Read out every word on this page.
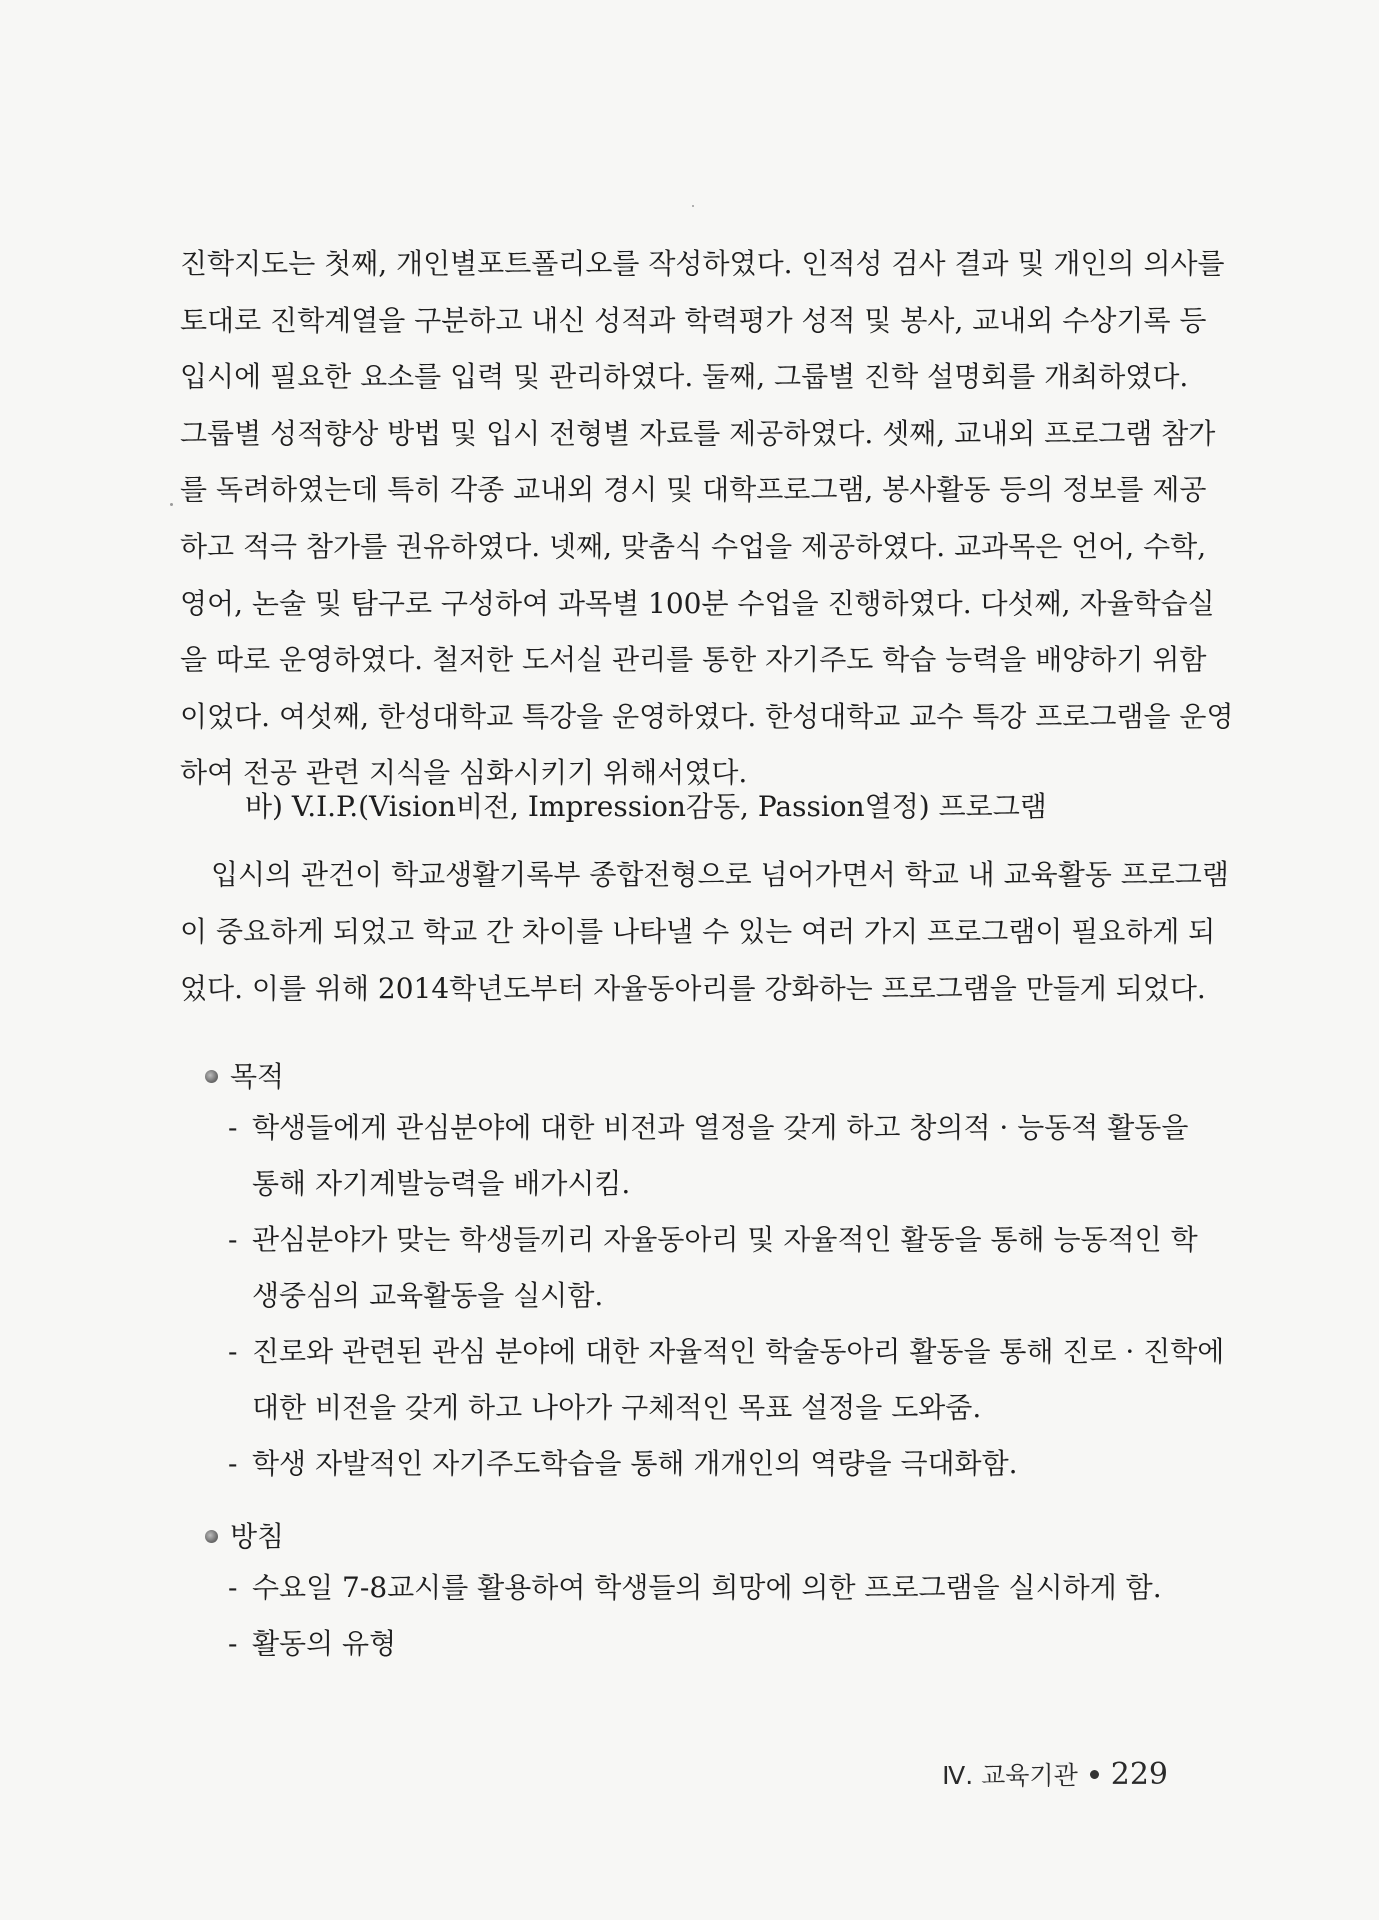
진학지도는 첫째, 개인별포트폴리오를 작성하였다. 인적성 검사 결과 및 개인의 의사를

토대로 진학계열을 구분하고 내신 성적과 학력평가 성적 및 봉사, 교내외 수상기록 등

입시에 필요한 요소를 입력 및 관리하였다. 둘째, 그룹별 진학 설명회를 개최하였다.

그룹별 성적향상 방법 및 입시 전형별 자료를 제공하였다. 셋째, 교내외 프로그램 참가

를 독려하였는데 특히 각종 교내외 경시 및 대학프로그램, 봉사활동 등의 정보를 제공

하고 적극 참가를 권유하였다. 넷째, 맞춤식 수업을 제공하였다. 교과목은 언어, 수학,

영어, 논술 및 탐구로 구성하여 과목별 100분 수업을 진행하였다. 다섯째, 자율학습실

을 따로 운영하였다. 철저한 도서실 관리를 통한 자기주도 학습 능력을 배양하기 위함

이었다. 여섯째, 한성대학교 특강을 운영하였다. 한성대학교 교수 특강 프로그램을 운영

하여 전공 관련 지식을 심화시키기 위해서였다.

바) V.I.P.(Vision비전, Impression감동, Passion열정) 프로그램

입시의 관건이 학교생활기록부 종합전형으로 넘어가면서 학교 내 교육활동 프로그램

이 중요하게 되었고 학교 간 차이를 나타낼 수 있는 여러 가지 프로그램이 필요하게 되

었다. 이를 위해 2014학년도부터 자율동아리를 강화하는 프로그램을 만들게 되었다.

목적

- 학생들에게 관심분야에 대한 비전과 열정을 갖게 하고 창의적 · 능동적 활동을

통해 자기계발능력을 배가시킴.

- 관심분야가 맞는 학생들끼리 자율동아리 및 자율적인 활동을 통해 능동적인 학

생중심의 교육활동을 실시함.

- 진로와 관련된 관심 분야에 대한 자율적인 학술동아리 활동을 통해 진로 · 진학에

대한 비전을 갖게 하고 나아가 구체적인 목표 설정을 도와줌.

- 학생 자발적인 자기주도학습을 통해 개개인의 역량을 극대화함.

방침

- 수요일 7-8교시를 활용하여 학생들의 희망에 의한 프로그램을 실시하게 함.

- 활동의 유형

Ⅳ. 교육기관 229
